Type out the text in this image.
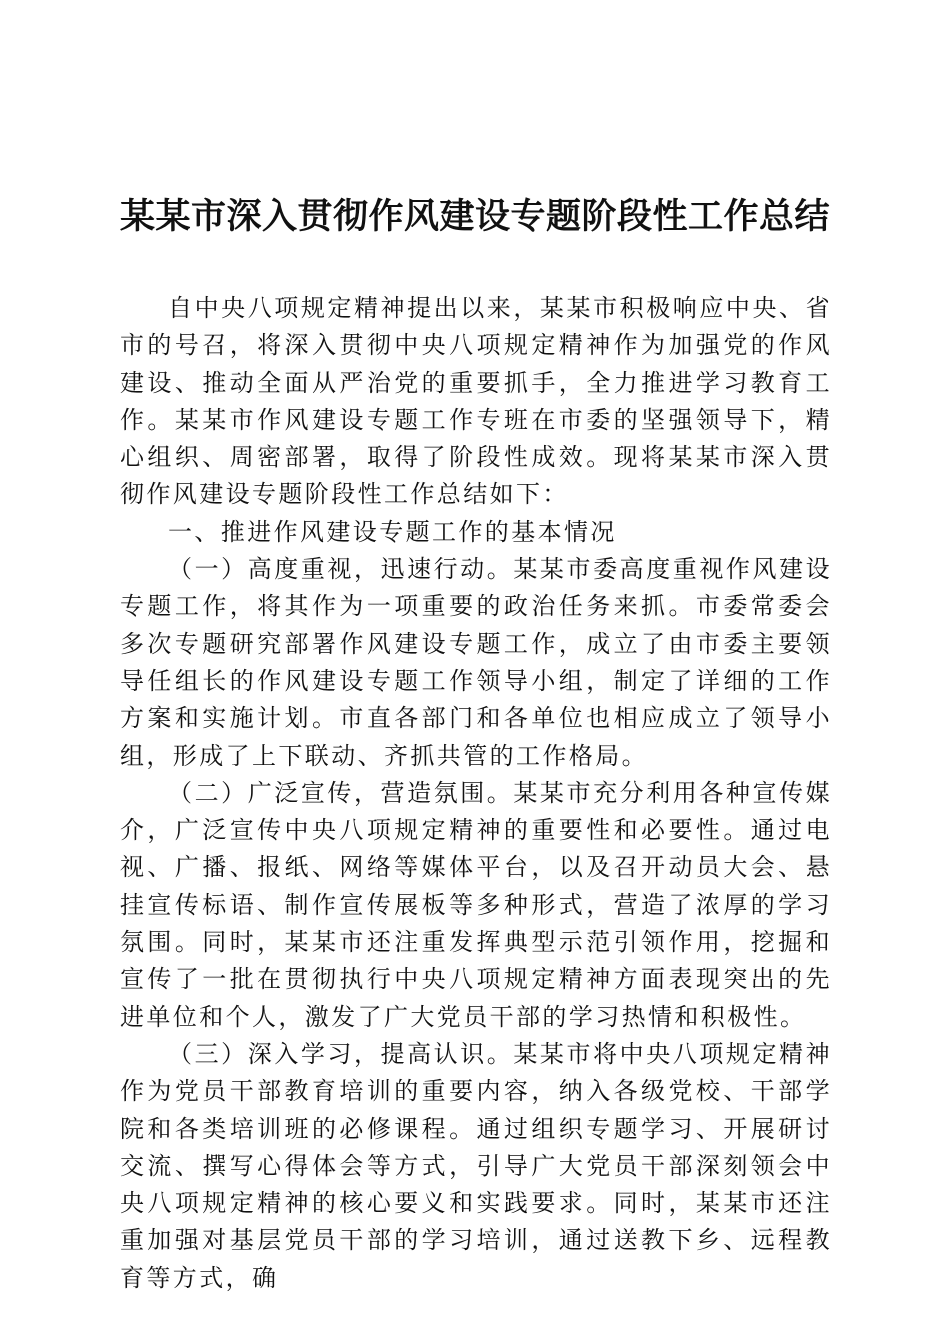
某某市深入贯彻作风建设专题阶段性工作总结

自中央八项规定精神提出以来，某某市积极响应中央、省市的号召，将深入贯彻中央八项规定精神作为加强党的作风建设、推动全面从严治党的重要抓手，全力推进学习教育工作。某某市作风建设专题工作专班在市委的坚强领导下，精心组织、周密部署，取得了阶段性成效。现将某某市深入贯彻作风建设专题阶段性工作总结如下：

一、推进作风建设专题工作的基本情况

（一）高度重视，迅速行动。某某市委高度重视作风建设专题工作，将其作为一项重要的政治任务来抓。市委常委会多次专题研究部署作风建设专题工作，成立了由市委主要领导任组长的作风建设专题工作领导小组，制定了详细的工作方案和实施计划。市直各部门和各单位也相应成立了领导小组，形成了上下联动、齐抓共管的工作格局。

（二）广泛宣传，营造氛围。某某市充分利用各种宣传媒介，广泛宣传中央八项规定精神的重要性和必要性。通过电视、广播、报纸、网络等媒体平台，以及召开动员大会、悬挂宣传标语、制作宣传展板等多种形式，营造了浓厚的学习氛围。同时，某某市还注重发挥典型示范引领作用，挖掘和宣传了一批在贯彻执行中央八项规定精神方面表现突出的先进单位和个人，激发了广大党员干部的学习热情和积极性。

（三）深入学习，提高认识。某某市将中央八项规定精神作为党员干部教育培训的重要内容，纳入各级党校、干部学院和各类培训班的必修课程。通过组织专题学习、开展研讨交流、撰写心得体会等方式，引导广大党员干部深刻领会中央八项规定精神的核心要义和实践要求。同时，某某市还注重加强对基层党员干部的学习培训，通过送教下乡、远程教育等方式，确
